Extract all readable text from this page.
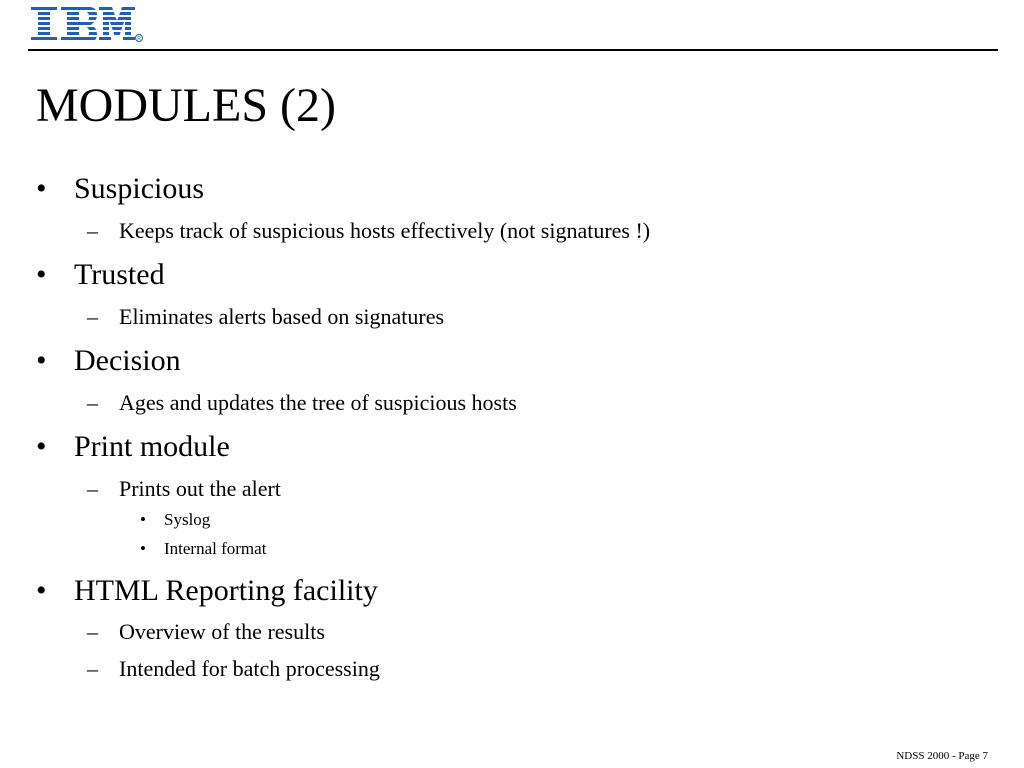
R
MODULES (2)
• Suspicious
– Keeps track of suspicious hosts effectively (not signatures !)
• Trusted
– Eliminates alerts based on signatures
• Decision
– Ages and updates the tree of suspicious hosts
• Print module
– Prints out the alert
•	Syslog
•	Internal format
• HTML Reporting facility
– Overview of the results
– Intended for batch processing
NDSS 2000 - Page 7
